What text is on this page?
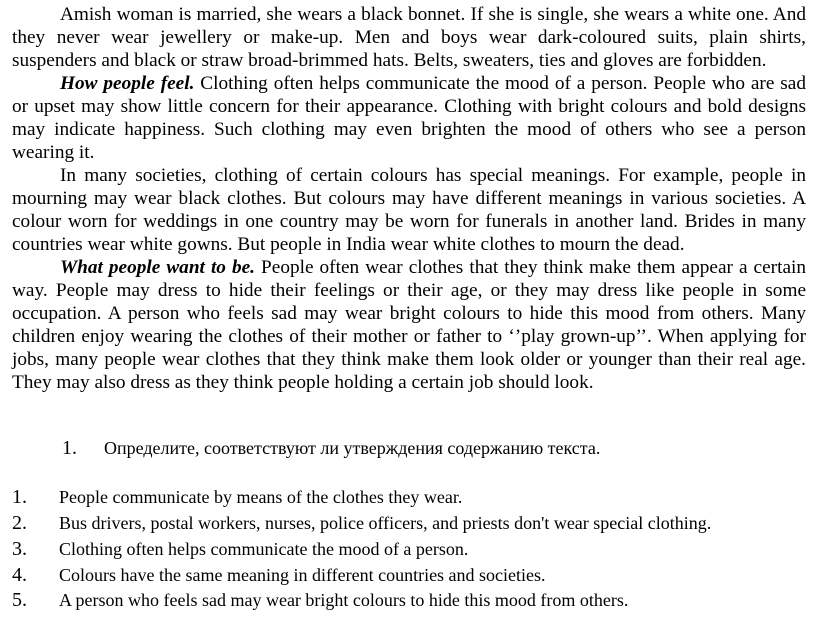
Amish woman is married, she wears a black bonnet. If she is single, she wears a white one. And they never wear jewellery or make-up. Men and boys wear dark-coloured suits, plain shirts, suspenders and black or straw broad-brimmed hats. Belts, sweaters, ties and gloves are forbidden.

How people feel. Clothing often helps communicate the mood of a person. People who are sad or upset may show little concern for their appearance. Clothing with bright colours and bold designs may indicate happiness. Such clothing may even brighten the mood of others who see a person wearing it.

In many societies, clothing of certain colours has special meanings. For example, people in mourning may wear black clothes. But colours may have different meanings in various societies. A colour worn for weddings in one country may be worn for funerals in another land. Brides in many countries wear white gowns. But people in India wear white clothes to mourn the dead.

What people want to be. People often wear clothes that they think make them appear a certain way. People may dress to hide their feelings or their age, or they may dress like people in some occupation. A person who feels sad may wear bright colours to hide this mood from others. Many children enjoy wearing the clothes of their mother or father to ‘’play grown-up’’. When applying for jobs, many people wear clothes that they think make them look older or younger than their real age. They may also dress as they think people holding a certain job should look.

1. Определите, соответствуют ли утверждения содержанию текста.
1. People communicate by means of the clothes they wear.
2. Bus drivers, postal workers, nurses, police officers, and priests don't wear special clothing.
3. Clothing often helps communicate the mood of a person.
4. Colours have the same meaning in different countries and societies.
5. A person who feels sad may wear bright colours to hide this mood from others.
